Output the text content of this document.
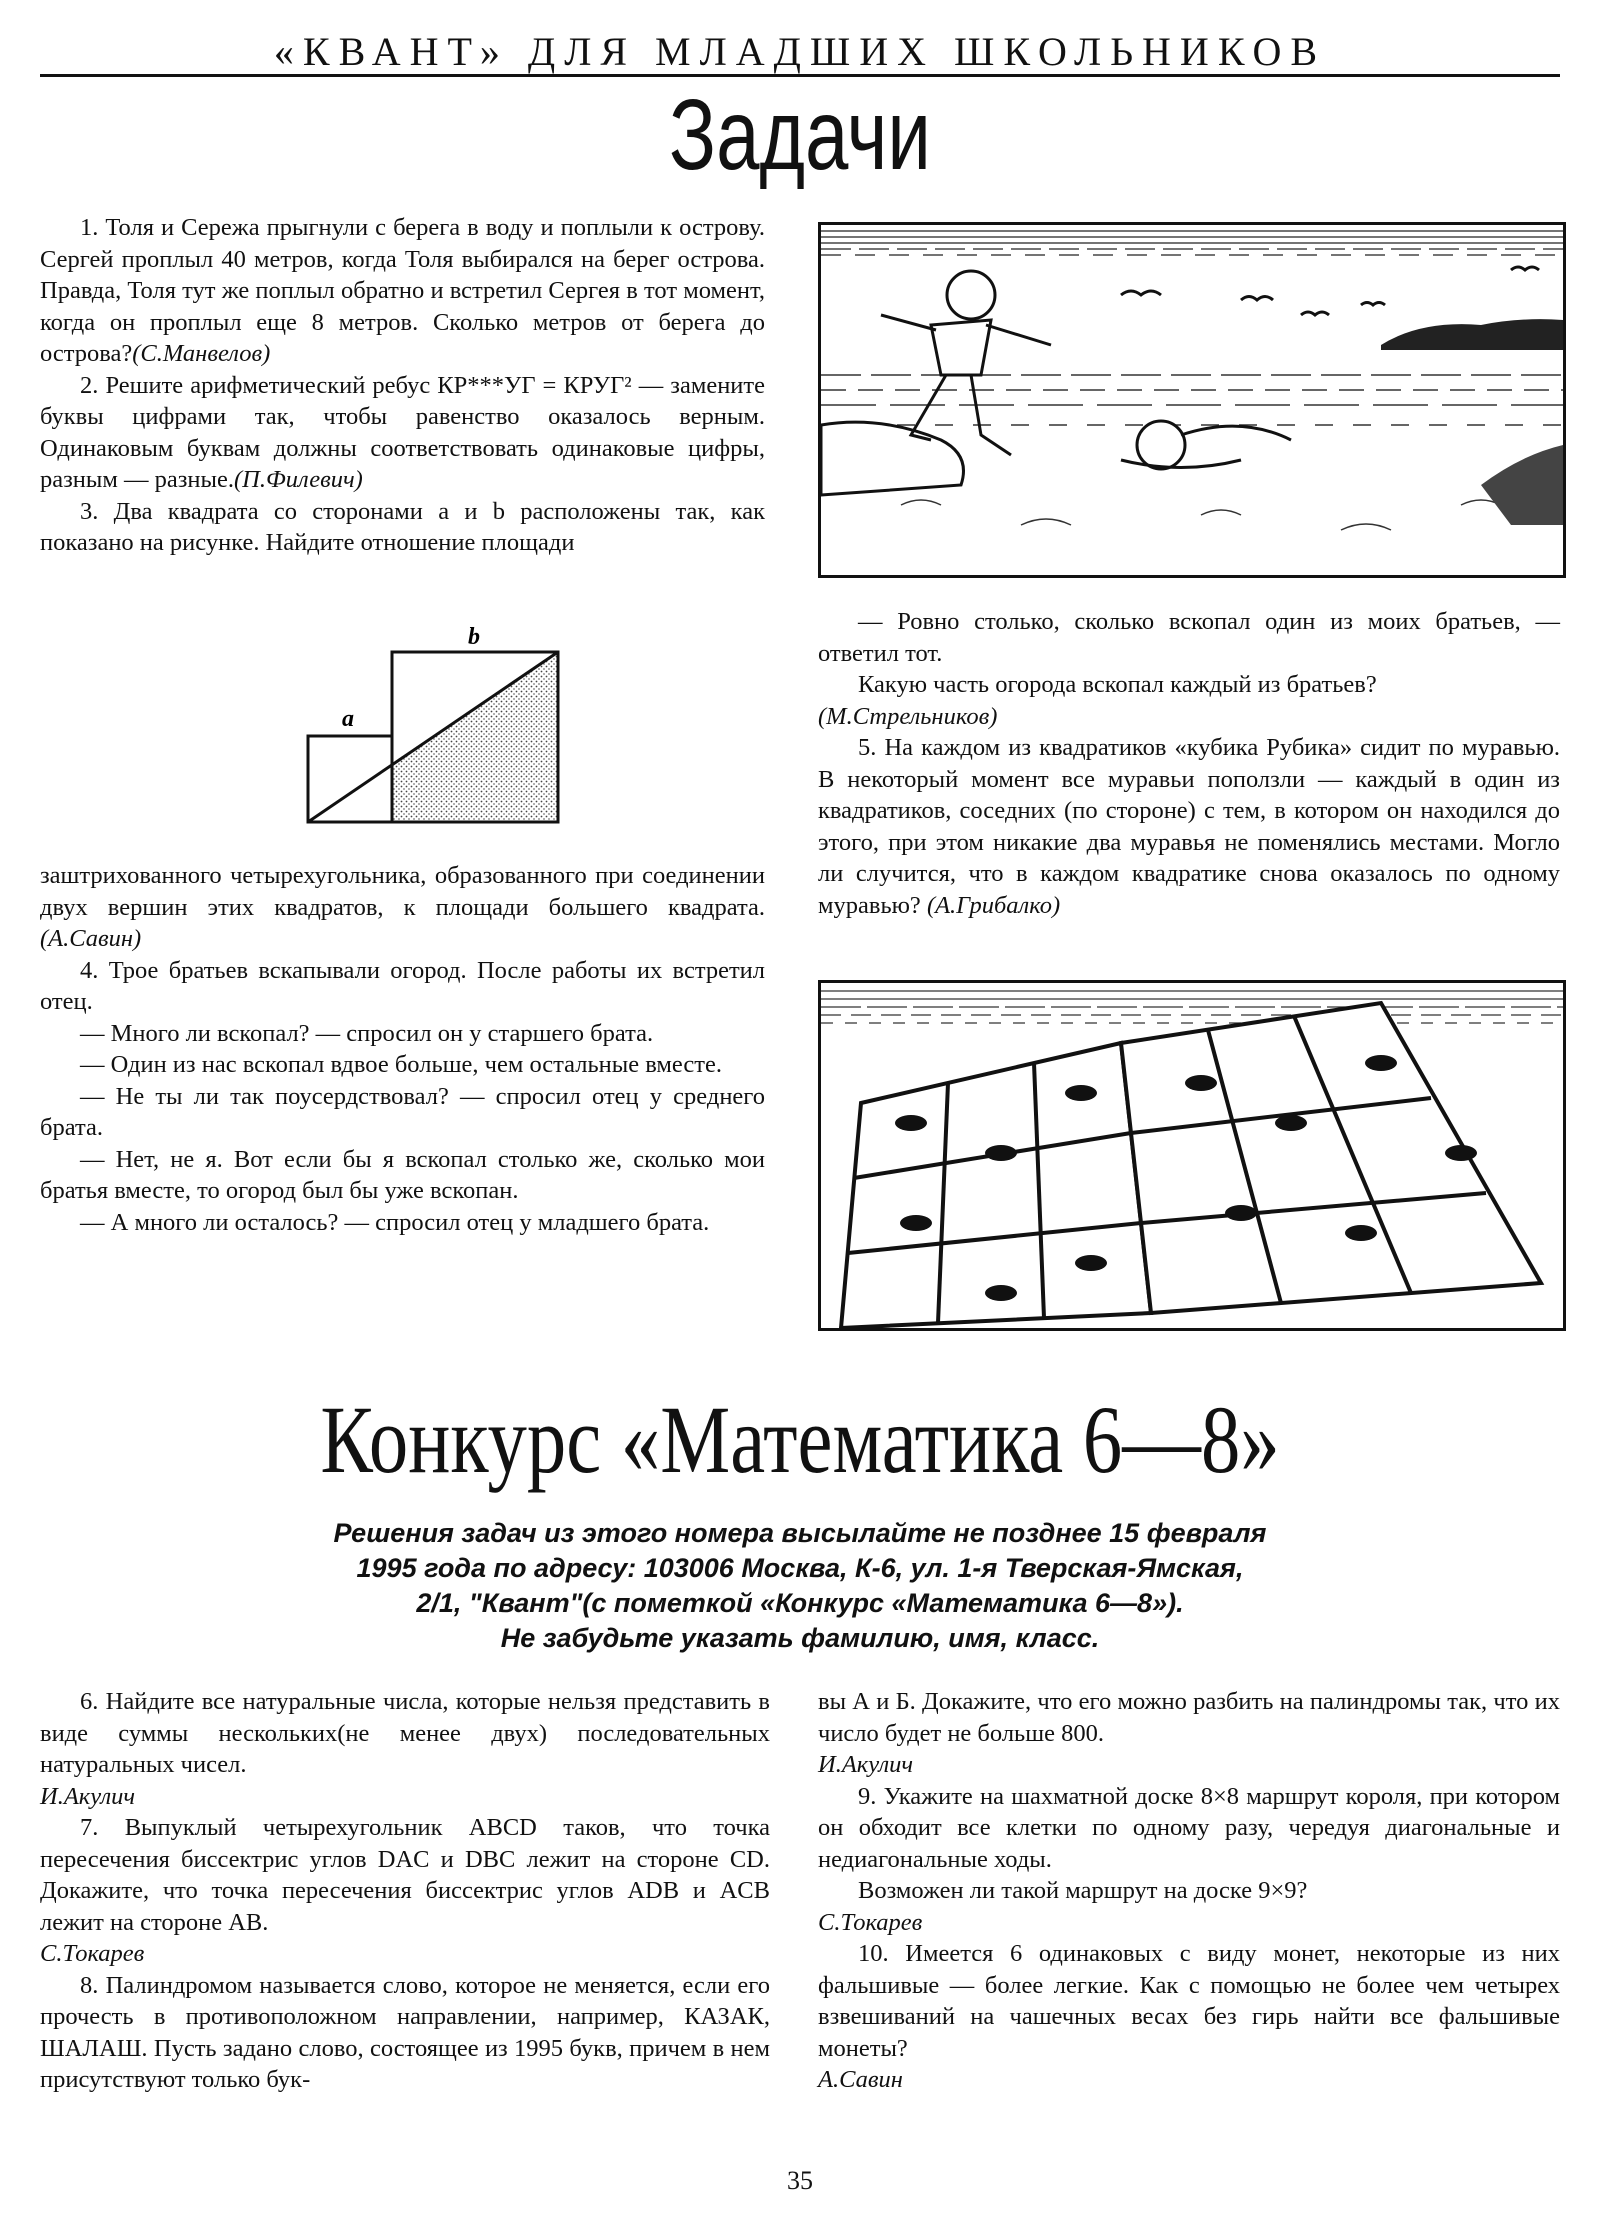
«КВАНТ» ДЛЯ МЛАДШИХ ШКОЛЬНИКОВ
Задачи

1. Толя и Сережа прыгнули с берега в воду и поплыли к острову. Сергей проплыл 40 метров, когда Толя выбирался на берег острова. Правда, Толя тут же поплыл обратно и встретил Сергея в тот момент, когда он проплыл еще 8 метров. Сколько метров от берега до острова?(С.Манвелов)

2. Решите арифметический ребус КР***УГ = КРУГ² — замените буквы цифрами так, чтобы равенство оказалось верным. Одинаковым буквам должны соответствовать одинаковые цифры, разным — разные.(П.Филевич)

3. Два квадрата со сторонами a и b расположены так, как показано на рисунке. Найдите отношение площади

a
b

заштрихованного четырехугольника, образованного при соединении двух вершин этих квадратов, к площади большего квадрата. (А.Савин)

4. Трое братьев вскапывали огород. После работы их встретил отец.

— Много ли вскопал? — спросил он у старшего брата.

— Один из нас вскопал вдвое больше, чем остальные вместе.

— Не ты ли так поусердствовал? — спросил отец у среднего брата.

— Нет, не я. Вот если бы я вскопал столько же, сколько мои братья вместе, то огород был бы уже вскопан.

— А много ли осталось? — спросил отец у младшего брата.

— Ровно столько, сколько вскопал один из моих братьев, — ответил тот.

Какую часть огорода вскопал каждый из братьев?

(М.Стрельников)

5. На каждом из квадратиков «кубика Рубика» сидит по муравью. В некоторый момент все муравьи поползли — каждый в один из квадратиков, соседних (по стороне) с тем, в котором он находился до этого, при этом никакие два муравья не поменялись местами. Могло ли случится, что в каждом квадратике снова оказалось по одному муравью? (А.Грибалко)

Конкурс «Математика 6—8»
Решения задач из этого номера высылайте не позднее 15 февраля
1995 года по адресу: 103006 Москва, К-6, ул. 1-я Тверская-Ямская,
2/1, "Квант"(с пометкой «Конкурс «Математика 6—8»).
Не забудьте указать фамилию, имя, класс.

6. Найдите все натуральные числа, которые нельзя представить в виде суммы нескольких(не менее двух) последовательных натуральных чисел.

И.Акулич

7. Выпуклый четырехугольник ABCD таков, что точка пересечения биссектрис углов DAC и DBC лежит на стороне CD. Докажите, что точка пересечения биссектрис углов ADB и ACB лежит на стороне AB.

С.Токарев

8. Палиндромом называется слово, которое не меняется, если его прочесть в противоположном направлении, например, КАЗАК, ШАЛАШ. Пусть задано слово, состоящее из 1995 букв, причем в нем присутствуют только бук-

вы А и Б. Докажите, что его можно разбить на палиндромы так, что их число будет не больше 800.

И.Акулич

9. Укажите на шахматной доске 8×8 маршрут короля, при котором он обходит все клетки по одному разу, чередуя диагональные и недиагональные ходы.

Возможен ли такой маршрут на доске 9×9?

С.Токарев

10. Имеется 6 одинаковых с виду монет, некоторые из них фальшивые — более легкие. Как с помощью не более чем четырех взвешиваний на чашечных весах без гирь найти все фальшивые монеты?

А.Савин

35
